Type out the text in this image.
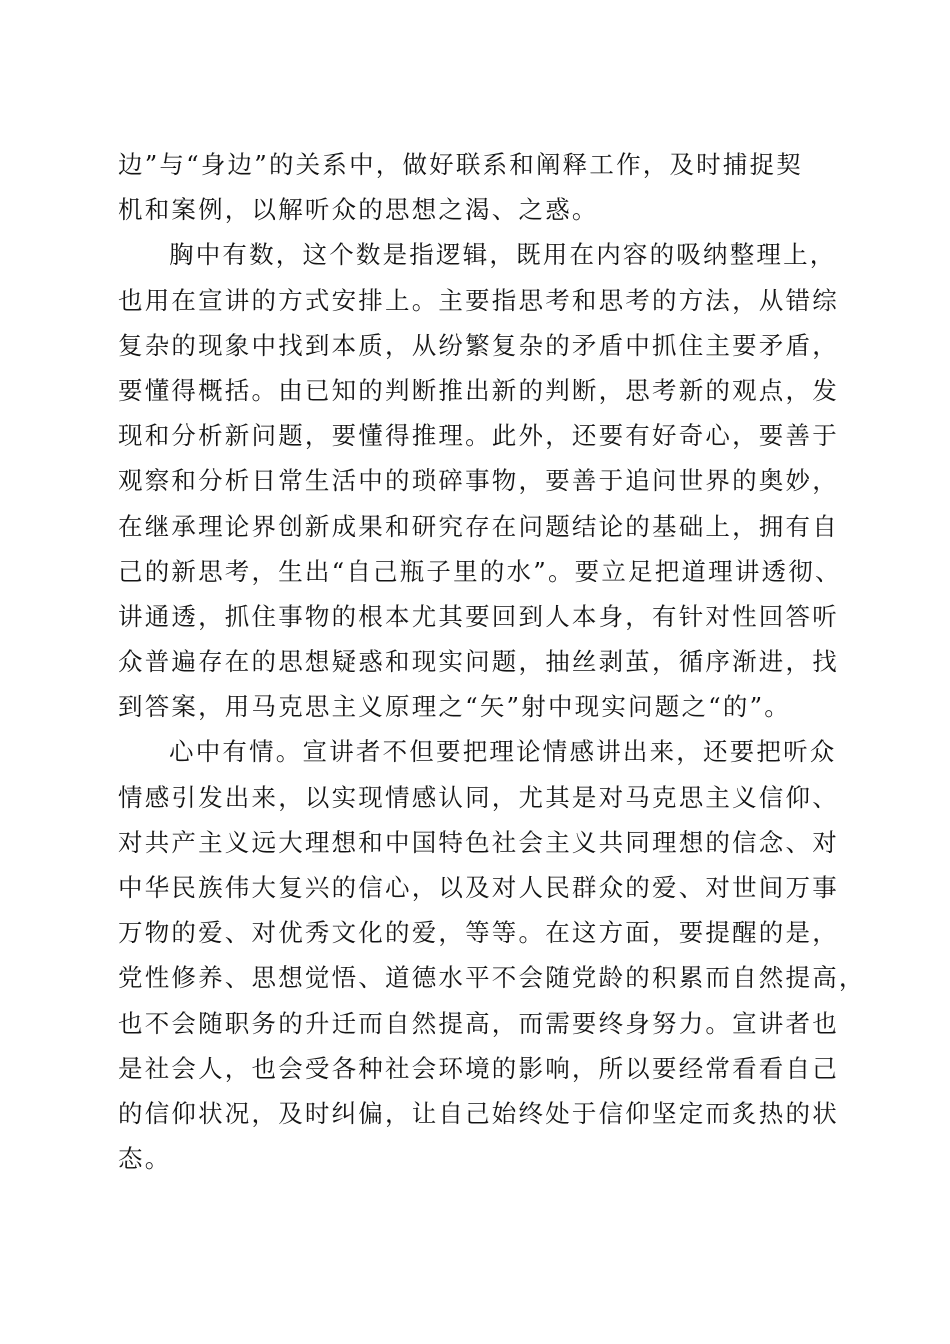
边”与“身边”的关系中，做好联系和阐释工作，及时捕捉契
机和案例，以解听众的思想之渴、之惑。
胸中有数，这个数是指逻辑，既用在内容的吸纳整理上，
也用在宣讲的方式安排上。主要指思考和思考的方法，从错综
复杂的现象中找到本质，从纷繁复杂的矛盾中抓住主要矛盾，
要懂得概括。由已知的判断推出新的判断，思考新的观点，发
现和分析新问题，要懂得推理。此外，还要有好奇心，要善于
观察和分析日常生活中的琐碎事物，要善于追问世界的奥妙，
在继承理论界创新成果和研究存在问题结论的基础上，拥有自
己的新思考，生出“自己瓶子里的水”。要立足把道理讲透彻、
讲通透，抓住事物的根本尤其要回到人本身，有针对性回答听
众普遍存在的思想疑惑和现实问题，抽丝剥茧，循序渐进，找
到答案，用马克思主义原理之“矢”射中现实问题之“的”。
心中有情。宣讲者不但要把理论情感讲出来，还要把听众
情感引发出来，以实现情感认同，尤其是对马克思主义信仰、
对共产主义远大理想和中国特色社会主义共同理想的信念、对
中华民族伟大复兴的信心，以及对人民群众的爱、对世间万事
万物的爱、对优秀文化的爱，等等。在这方面，要提醒的是，
党性修养、思想觉悟、道德水平不会随党龄的积累而自然提高，
也不会随职务的升迁而自然提高，而需要终身努力。宣讲者也
是社会人，也会受各种社会环境的影响，所以要经常看看自己
的信仰状况，及时纠偏，让自己始终处于信仰坚定而炙热的状
态。
